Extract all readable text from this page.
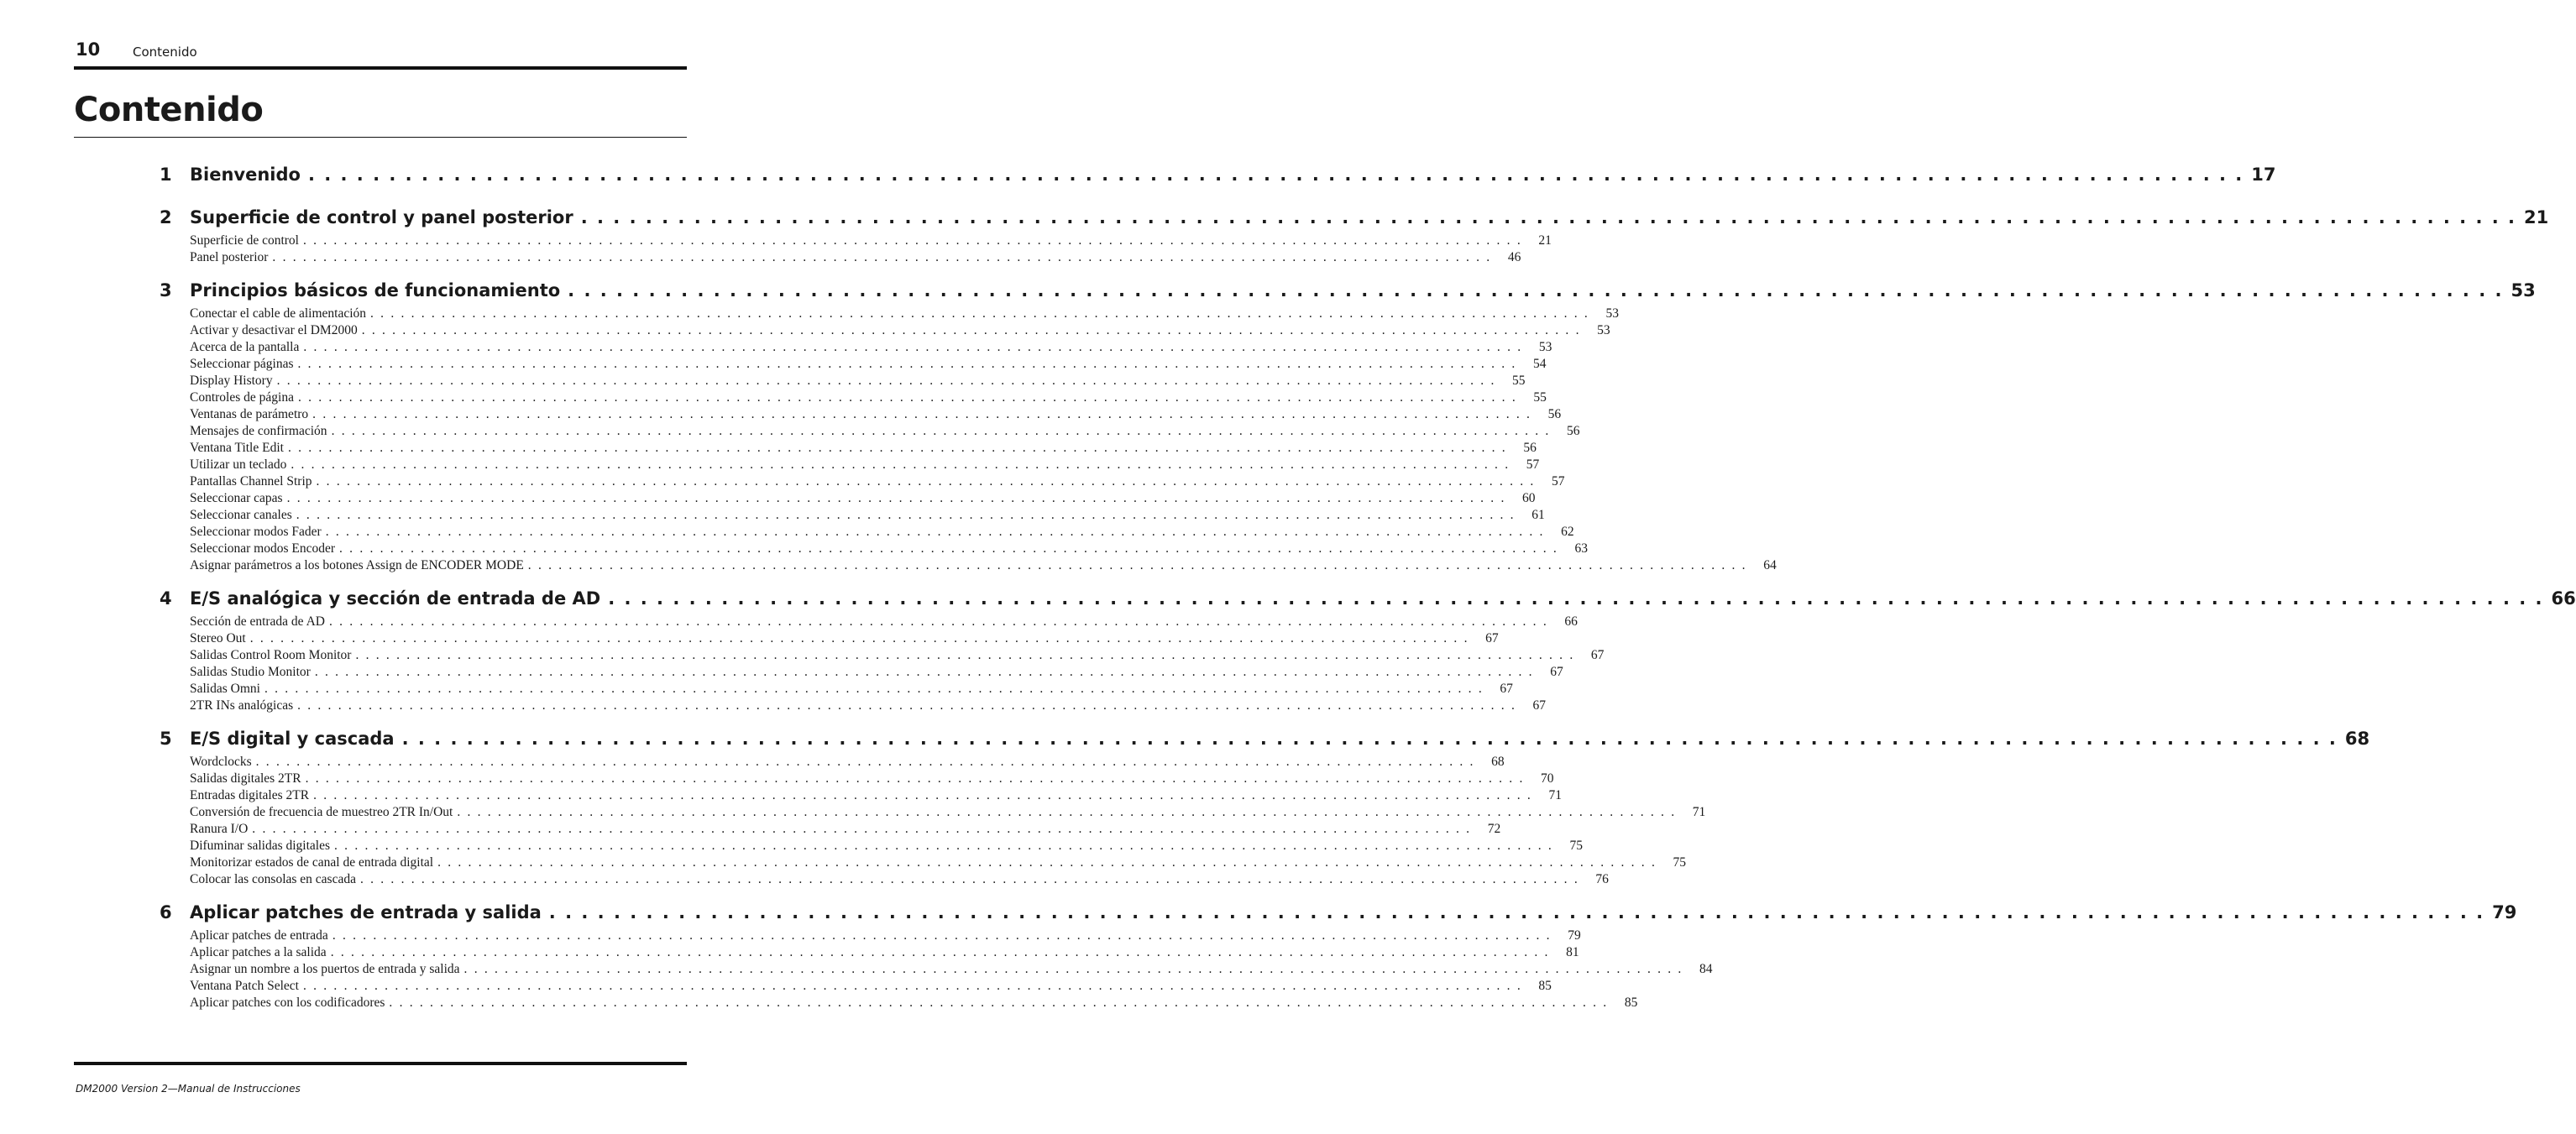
10	Contenido
Contenido
1 Bienvenido . . . . . . . . . . . . . . . . . . . . . . . . . . . . . . . . . . . . . . . . . . . . . . . . . . . . . . . . . . . . . . . . . . . . . . . . . . . . . . . . . . . . . . . . . . . . . . . . . . . . . . . . . . . . . . . . . . . . . . . . 17
2 Superficie de control y panel posterior . . . . . . . . . . . . . . . . . . . . . . . . . . . . . . . . . . . . . . . . . . . . . . . . . . . . . . . . . . . . . . . . . . . . . . . . . . . . . . . . . . . . . . . . . . . . . . . . . . . . . . . . . . . . . . . . . . . . . . . . 21
Superficie de control . . . . . . . . . . . . . . . . . . . . . . . . . . . . . . . . . . . . . . . . . . . . . . . . . . . . . . . . . . . . . . . . . . . . . . . . . . . . . . . . . . . . . . . . . . . . . . . . . . . . . . . . . . . . . . . . . . . . . . . .	21
Panel posterior . . . . . . . . . . . . . . . . . . . . . . . . . . . . . . . . . . . . . . . . . . . . . . . . . . . . . . . . . . . . . . . . . . . . . . . . . . . . . . . . . . . . . . . . . . . . . . . . . . . . . . . . . . . . . . . . . . . . . . . .	46
3 Principios básicos de funcionamiento . . . . . . . . . . . . . . . . . . . . . . . . . . . . . . . . . . . . . . . . . . . . . . . . . . . . . . . . . . . . . . . . . . . . . . . . . . . . . . . . . . . . . . . . . . . . . . . . . . . . . . . . . . . . . . . . . . . . . . . . 53
Conectar el cable de alimentación . . . . . . . . . . . . . . . . . . . . . . . . . . . . . . . . . . . . . . . . . . . . . . . . . . . . . . . . . . . . . . . . . . . . . . . . . . . . . . . . . . . . . . . . . . . . . . . . . . . . . . . . . . . . . . . . . . . . . . . .	53
Activar y desactivar el DM2000 . . . . . . . . . . . . . . . . . . . . . . . . . . . . . . . . . . . . . . . . . . . . . . . . . . . . . . . . . . . . . . . . . . . . . . . . . . . . . . . . . . . . . . . . . . . . . . . . . . . . . . . . . . . . . . . . . . . . . . . .	53
Acerca de la pantalla . . . . . . . . . . . . . . . . . . . . . . . . . . . . . . . . . . . . . . . . . . . . . . . . . . . . . . . . . . . . . . . . . . . . . . . . . . . . . . . . . . . . . . . . . . . . . . . . . . . . . . . . . . . . . . . . . . . . . . . .	53
Seleccionar páginas . . . . . . . . . . . . . . . . . . . . . . . . . . . . . . . . . . . . . . . . . . . . . . . . . . . . . . . . . . . . . . . . . . . . . . . . . . . . . . . . . . . . . . . . . . . . . . . . . . . . . . . . . . . . . . . . . . . . . . . .	54
Display History . . . . . . . . . . . . . . . . . . . . . . . . . . . . . . . . . . . . . . . . . . . . . . . . . . . . . . . . . . . . . . . . . . . . . . . . . . . . . . . . . . . . . . . . . . . . . . . . . . . . . . . . . . . . . . . . . . . . . . . .	55
Controles de página . . . . . . . . . . . . . . . . . . . . . . . . . . . . . . . . . . . . . . . . . . . . . . . . . . . . . . . . . . . . . . . . . . . . . . . . . . . . . . . . . . . . . . . . . . . . . . . . . . . . . . . . . . . . . . . . . . . . . . . .	55
Ventanas de parámetro . . . . . . . . . . . . . . . . . . . . . . . . . . . . . . . . . . . . . . . . . . . . . . . . . . . . . . . . . . . . . . . . . . . . . . . . . . . . . . . . . . . . . . . . . . . . . . . . . . . . . . . . . . . . . . . . . . . . . . . .	56
Mensajes de confirmación . . . . . . . . . . . . . . . . . . . . . . . . . . . . . . . . . . . . . . . . . . . . . . . . . . . . . . . . . . . . . . . . . . . . . . . . . . . . . . . . . . . . . . . . . . . . . . . . . . . . . . . . . . . . . . . . . . . . . . . .	56
Ventana Title Edit . . . . . . . . . . . . . . . . . . . . . . . . . . . . . . . . . . . . . . . . . . . . . . . . . . . . . . . . . . . . . . . . . . . . . . . . . . . . . . . . . . . . . . . . . . . . . . . . . . . . . . . . . . . . . . . . . . . . . . . .	56
Utilizar un teclado . . . . . . . . . . . . . . . . . . . . . . . . . . . . . . . . . . . . . . . . . . . . . . . . . . . . . . . . . . . . . . . . . . . . . . . . . . . . . . . . . . . . . . . . . . . . . . . . . . . . . . . . . . . . . . . . . . . . . . . .	57
Pantallas Channel Strip . . . . . . . . . . . . . . . . . . . . . . . . . . . . . . . . . . . . . . . . . . . . . . . . . . . . . . . . . . . . . . . . . . . . . . . . . . . . . . . . . . . . . . . . . . . . . . . . . . . . . . . . . . . . . . . . . . . . . . . .	57
Seleccionar capas . . . . . . . . . . . . . . . . . . . . . . . . . . . . . . . . . . . . . . . . . . . . . . . . . . . . . . . . . . . . . . . . . . . . . . . . . . . . . . . . . . . . . . . . . . . . . . . . . . . . . . . . . . . . . . . . . . . . . . . .	60
Seleccionar canales . . . . . . . . . . . . . . . . . . . . . . . . . . . . . . . . . . . . . . . . . . . . . . . . . . . . . . . . . . . . . . . . . . . . . . . . . . . . . . . . . . . . . . . . . . . . . . . . . . . . . . . . . . . . . . . . . . . . . . . .	61
Seleccionar modos Fader . . . . . . . . . . . . . . . . . . . . . . . . . . . . . . . . . . . . . . . . . . . . . . . . . . . . . . . . . . . . . . . . . . . . . . . . . . . . . . . . . . . . . . . . . . . . . . . . . . . . . . . . . . . . . . . . . . . . . . . .	62
Seleccionar modos Encoder . . . . . . . . . . . . . . . . . . . . . . . . . . . . . . . . . . . . . . . . . . . . . . . . . . . . . . . . . . . . . . . . . . . . . . . . . . . . . . . . . . . . . . . . . . . . . . . . . . . . . . . . . . . . . . . . . . . . . . . .	63
Asignar parámetros a los botones Assign de ENCODER MODE . . . . . . . . . . . . . . . . . . . . . . . . . . . . . . . . . . . . . . . . . . . . . . . . . . . . . . . . . . . . . . . . . . . . . . . . . . . . . . . . . . . . . . . . . . . . . . . . . . . . . . . . . . . . . . . . . . . . . . . .	64
4 E/S analógica y sección de entrada de AD . . . . . . . . . . . . . . . . . . . . . . . . . . . . . . . . . . . . . . . . . . . . . . . . . . . . . . . . . . . . . . . . . . . . . . . . . . . . . . . . . . . . . . . . . . . . . . . . . . . . . . . . . . . . . . . . . . . . . . . . 66
Sección de entrada de AD . . . . . . . . . . . . . . . . . . . . . . . . . . . . . . . . . . . . . . . . . . . . . . . . . . . . . . . . . . . . . . . . . . . . . . . . . . . . . . . . . . . . . . . . . . . . . . . . . . . . . . . . . . . . . . . . . . . . . . . .	66
Stereo Out . . . . . . . . . . . . . . . . . . . . . . . . . . . . . . . . . . . . . . . . . . . . . . . . . . . . . . . . . . . . . . . . . . . . . . . . . . . . . . . . . . . . . . . . . . . . . . . . . . . . . . . . . . . . . . . . . . . . . . . .	67
Salidas Control Room Monitor . . . . . . . . . . . . . . . . . . . . . . . . . . . . . . . . . . . . . . . . . . . . . . . . . . . . . . . . . . . . . . . . . . . . . . . . . . . . . . . . . . . . . . . . . . . . . . . . . . . . . . . . . . . . . . . . . . . . . . . .	67
Salidas Studio Monitor . . . . . . . . . . . . . . . . . . . . . . . . . . . . . . . . . . . . . . . . . . . . . . . . . . . . . . . . . . . . . . . . . . . . . . . . . . . . . . . . . . . . . . . . . . . . . . . . . . . . . . . . . . . . . . . . . . . . . . . .	67
Salidas Omni . . . . . . . . . . . . . . . . . . . . . . . . . . . . . . . . . . . . . . . . . . . . . . . . . . . . . . . . . . . . . . . . . . . . . . . . . . . . . . . . . . . . . . . . . . . . . . . . . . . . . . . . . . . . . . . . . . . . . . . .	67
2TR INs analógicas . . . . . . . . . . . . . . . . . . . . . . . . . . . . . . . . . . . . . . . . . . . . . . . . . . . . . . . . . . . . . . . . . . . . . . . . . . . . . . . . . . . . . . . . . . . . . . . . . . . . . . . . . . . . . . . . . . . . . . . .	67
5 E/S digital y cascada . . . . . . . . . . . . . . . . . . . . . . . . . . . . . . . . . . . . . . . . . . . . . . . . . . . . . . . . . . . . . . . . . . . . . . . . . . . . . . . . . . . . . . . . . . . . . . . . . . . . . . . . . . . . . . . . . . . . . . . . 68
Wordclocks . . . . . . . . . . . . . . . . . . . . . . . . . . . . . . . . . . . . . . . . . . . . . . . . . . . . . . . . . . . . . . . . . . . . . . . . . . . . . . . . . . . . . . . . . . . . . . . . . . . . . . . . . . . . . . . . . . . . . . . .	68
Salidas digitales 2TR . . . . . . . . . . . . . . . . . . . . . . . . . . . . . . . . . . . . . . . . . . . . . . . . . . . . . . . . . . . . . . . . . . . . . . . . . . . . . . . . . . . . . . . . . . . . . . . . . . . . . . . . . . . . . . . . . . . . . . . .	70
Entradas digitales 2TR . . . . . . . . . . . . . . . . . . . . . . . . . . . . . . . . . . . . . . . . . . . . . . . . . . . . . . . . . . . . . . . . . . . . . . . . . . . . . . . . . . . . . . . . . . . . . . . . . . . . . . . . . . . . . . . . . . . . . . . .	71
Conversión de frecuencia de muestreo 2TR In/Out . . . . . . . . . . . . . . . . . . . . . . . . . . . . . . . . . . . . . . . . . . . . . . . . . . . . . . . . . . . . . . . . . . . . . . . . . . . . . . . . . . . . . . . . . . . . . . . . . . . . . . . . . . . . . . . . . . . . . . . .	71
Ranura I/O . . . . . . . . . . . . . . . . . . . . . . . . . . . . . . . . . . . . . . . . . . . . . . . . . . . . . . . . . . . . . . . . . . . . . . . . . . . . . . . . . . . . . . . . . . . . . . . . . . . . . . . . . . . . . . . . . . . . . . . .	72
Difuminar salidas digitales . . . . . . . . . . . . . . . . . . . . . . . . . . . . . . . . . . . . . . . . . . . . . . . . . . . . . . . . . . . . . . . . . . . . . . . . . . . . . . . . . . . . . . . . . . . . . . . . . . . . . . . . . . . . . . . . . . . . . . . .	75
Monitorizar estados de canal de entrada digital . . . . . . . . . . . . . . . . . . . . . . . . . . . . . . . . . . . . . . . . . . . . . . . . . . . . . . . . . . . . . . . . . . . . . . . . . . . . . . . . . . . . . . . . . . . . . . . . . . . . . . . . . . . . . . . . . . . . . . . .	75
Colocar las consolas en cascada . . . . . . . . . . . . . . . . . . . . . . . . . . . . . . . . . . . . . . . . . . . . . . . . . . . . . . . . . . . . . . . . . . . . . . . . . . . . . . . . . . . . . . . . . . . . . . . . . . . . . . . . . . . . . . . . . . . . . . . .	76
6 Aplicar patches de entrada y salida . . . . . . . . . . . . . . . . . . . . . . . . . . . . . . . . . . . . . . . . . . . . . . . . . . . . . . . . . . . . . . . . . . . . . . . . . . . . . . . . . . . . . . . . . . . . . . . . . . . . . . . . . . . . . . . . . . . . . . . . 79
Aplicar patches de entrada . . . . . . . . . . . . . . . . . . . . . . . . . . . . . . . . . . . . . . . . . . . . . . . . . . . . . . . . . . . . . . . . . . . . . . . . . . . . . . . . . . . . . . . . . . . . . . . . . . . . . . . . . . . . . . . . . . . . . . . .	79
Aplicar patches a la salida . . . . . . . . . . . . . . . . . . . . . . . . . . . . . . . . . . . . . . . . . . . . . . . . . . . . . . . . . . . . . . . . . . . . . . . . . . . . . . . . . . . . . . . . . . . . . . . . . . . . . . . . . . . . . . . . . . . . . . . .	81
Asignar un nombre a los puertos de entrada y salida . . . . . . . . . . . . . . . . . . . . . . . . . . . . . . . . . . . . . . . . . . . . . . . . . . . . . . . . . . . . . . . . . . . . . . . . . . . . . . . . . . . . . . . . . . . . . . . . . . . . . . . . . . . . . . . . . . . . . . . .	84
Ventana Patch Select . . . . . . . . . . . . . . . . . . . . . . . . . . . . . . . . . . . . . . . . . . . . . . . . . . . . . . . . . . . . . . . . . . . . . . . . . . . . . . . . . . . . . . . . . . . . . . . . . . . . . . . . . . . . . . . . . . . . . . . .	85
Aplicar patches con los codificadores . . . . . . . . . . . . . . . . . . . . . . . . . . . . . . . . . . . . . . . . . . . . . . . . . . . . . . . . . . . . . . . . . . . . . . . . . . . . . . . . . . . . . . . . . . . . . . . . . . . . . . . . . . . . . . . . . . . . . . . .	85
DM2000 Version 2—Manual de Instrucciones
